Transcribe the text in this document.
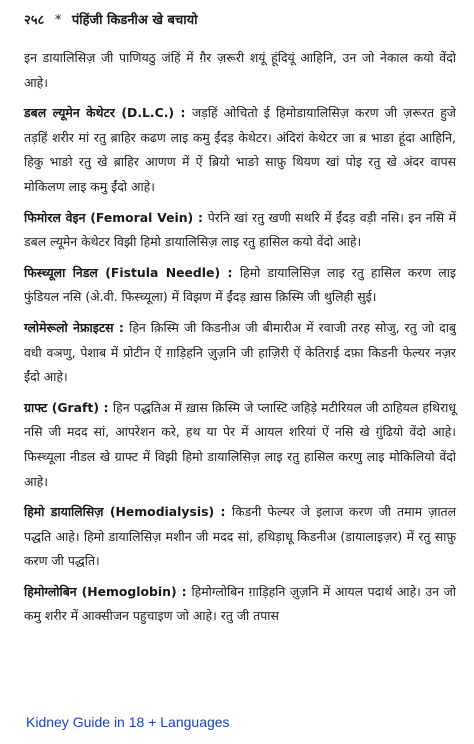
२५८ * पंहिंजी किडनीअ खे बचायो

इन डायालिसिज़ जी पाणियठु जंहिं में ग़ैर ज़रूरी शयूं हूंदियूं आहिनि, उन जो नेकाल कयो वेंदो आहे।

डबल ल्यूमेन केथेटर (D.L.C.) : जड़हिं ओचितो ई हिमोडायालिसिज़ करण जी ज़रूरत हुजे तड़हिं शरीर मां रतु ब़ाहिर कढण लाइ कमु ईंदड़ केथेटर। अंदिरां केथेटर जा ब़ भाङा हूंदा आहिनि, हिकु भाङो रतु खे ब़ाहिर आणण में ऐं ब़ियो भाङो साफ़ु थियण खां पोइ रतु खे अंदर वापस मोकिलण लाइ कमु ईंदो आहे।

फिमोरल वेइन (Femoral Vein) : पेरनि खां रतु खणी सथरि में ईंदड़ वड़ी नसि। इन नसि में डबल ल्यूमेन केथेटर विझी हिमो डायालिसिज़ लाइ रतु हासिल कयो वेंदो आहे।

फिस्च्यूला निडल (Fistula Needle) : हिमो डायालिसिज़ लाइ रतु हासिल करण लाइ फुंडियल नसि (अे.वी. फिस्च्यूला) में विझण में ईंदड़ ख़ास क़िस्मि जी थुलिही सुई।

ग्लोमेरूलो नेफ्राइटस : हिन क़िस्मि जी किडनीअ जी बीमारीअ में रवाजी तरह सोजु, रतु जो दाबु वधी वञणु, पेशाब में प्रोटीन ऐं ग़ाड़िहनि ज़ुज़नि जी हाज़िरी ऐं केतिराई दफ़ा किडनी फेल्यर नज़र ईंदो आहे।

ग्राफ्ट (Graft) : हिन पद्धतिअ में ख़ास क़िस्मि जे प्लास्टि जहिड़े मटीरियल जी ठाहियल हथिराधू नसि जी मदद सां, आपरेशन करे, हथ या पेर में आयल शरियां ऐं नसि खे ग़ुंढियो वेंदो आहे। फिस्च्यूला नीडल खे ग्राफ्ट में विझी हिमो डायालिसिज़ लाइ रतु हासिल करणु लाइ मोकिलियो वेंदो आहे।

हिमो डायालिसिज़ (Hemodialysis) : किडनी फेल्यर जे इलाज करण जी तमाम ज़ातल पद्धति आहे। हिमो डायालिसिज़ मशीन जी मदद सां, हथिड़ाधू किडनीअ (डायालाइज़र) में रतु साफ़ु करण जी पद्धति।

हिमोग्लोबिन (Hemoglobin) : हिमोग्लोबिन ग़ाड़िहनि ज़ुज़नि में आयल पदार्थ आहे। उन जो कमु शरीर में आक्सीजन पहुचाइण जो आहे। रतु जी तपास

Kidney Guide in 18 + Languages
